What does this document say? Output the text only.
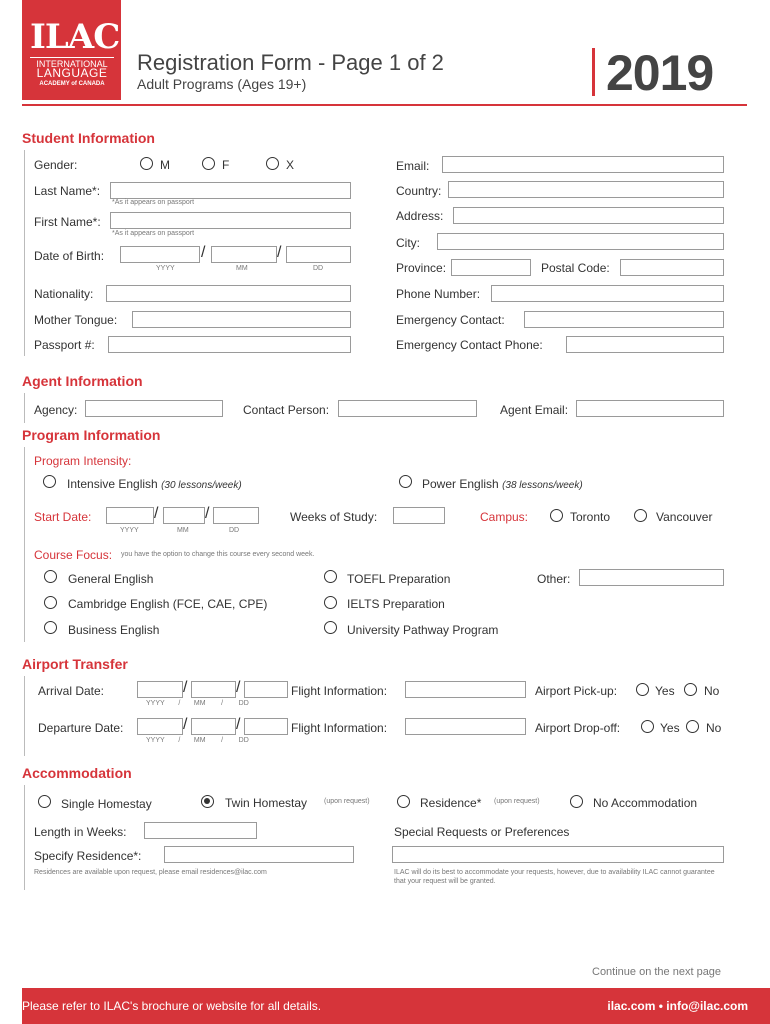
ILAC
INTERNATIONAL
LANGUAGE
ACADEMY of CANADA
Registration Form - Page 1 of 2
Adult Programs (Ages 19+)	2019
Student Information
Gender:	M	F	X
Last Name*:
*As it appears on passport
First Name*:
*As it appears on passport
Date of Birth:	/	/
YYYY	MM	DD
Nationality:
Mother Tongue:
Passport #:
Email:
Country:
Address:
City:
Province:	Postal Code:
Phone Number:
Emergency Contact:
Emergency Contact Phone:
Agent Information
Agency:	Contact Person:	Agent Email:
Program Information
Program Intensity:
Intensive English (30 lessons/week)	Power English (38 lessons/week)
Start Date:	/	/
YYYY	MM	DD
Weeks of Study:	Campus:	Toronto	Vancouver
Course Focus: you have the option to change this course every second week.
General English
Cambridge English (FCE, CAE, CPE)
Business English
TOEFL Preparation
IELTS Preparation
University Pathway Program
Other:
Airport Transfer
Arrival Date:	/	/
YYYY / MM / DD
Flight Information:	Airport Pick-up:	Yes No
Departure Date:	/	/
YYYY / MM / DD
Flight Information:	Airport Drop-off:	Yes No
Accommodation
Single Homestay	Twin Homestay (upon request)	Residence* (upon request)	No Accommodation
Length in Weeks:	Special Requests or Preferences
Specify Residence*:
Residences are available upon request, please email residences@ilac.com	ILAC will do its best to accommodate your requests, however, due to availability ILAC cannot guarantee that your request will be granted.
Continue on the next page
Please refer to ILAC's brochure or website for all details.	ilac.com • info@ilac.com
